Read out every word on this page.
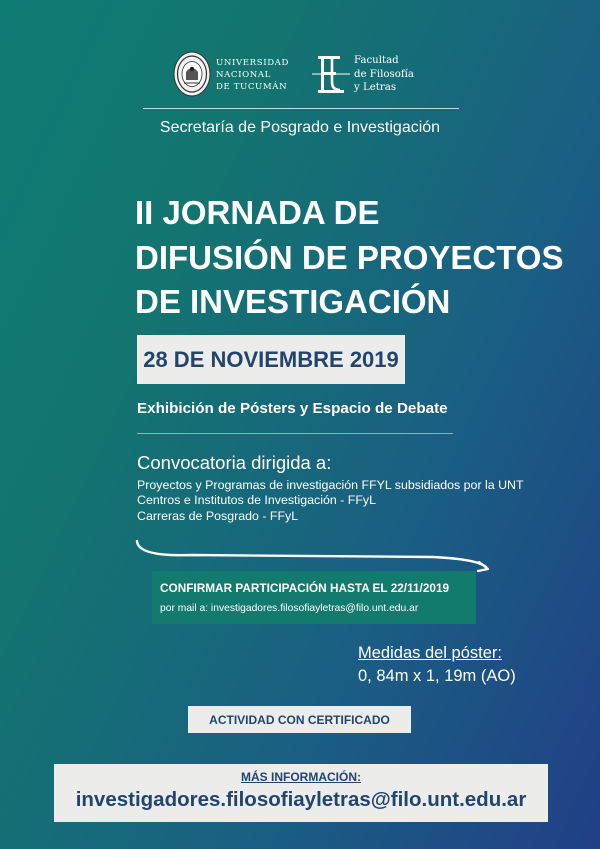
UNIVERSIDAD
NACIONAL
DE TUCUMÁN
Facultad
de Filosofía
y Letras
Secretaría de Posgrado e Investigación
II JORNADA DE
DIFUSIÓN DE PROYECTOS
DE INVESTIGACIÓN
28 DE NOVIEMBRE 2019
Exhibición de Pósters y Espacio de Debate
Convocatoria dirigida a:
Proyectos y Programas de investigación FFYL subsidiados por la UNT
Centros e Institutos de Investigación - FFyL
Carreras de Posgrado - FFyL
CONFIRMAR PARTICIPACIÓN HASTA EL 22/11/2019
por mail a: investigadores.filosofiayletras@filo.unt.edu.ar
Medidas del póster:
0, 84m x 1, 19m (AO)
ACTIVIDAD CON CERTIFICADO
MÁS INFORMACIÓN:
investigadores.filosofiayletras@filo.unt.edu.ar
